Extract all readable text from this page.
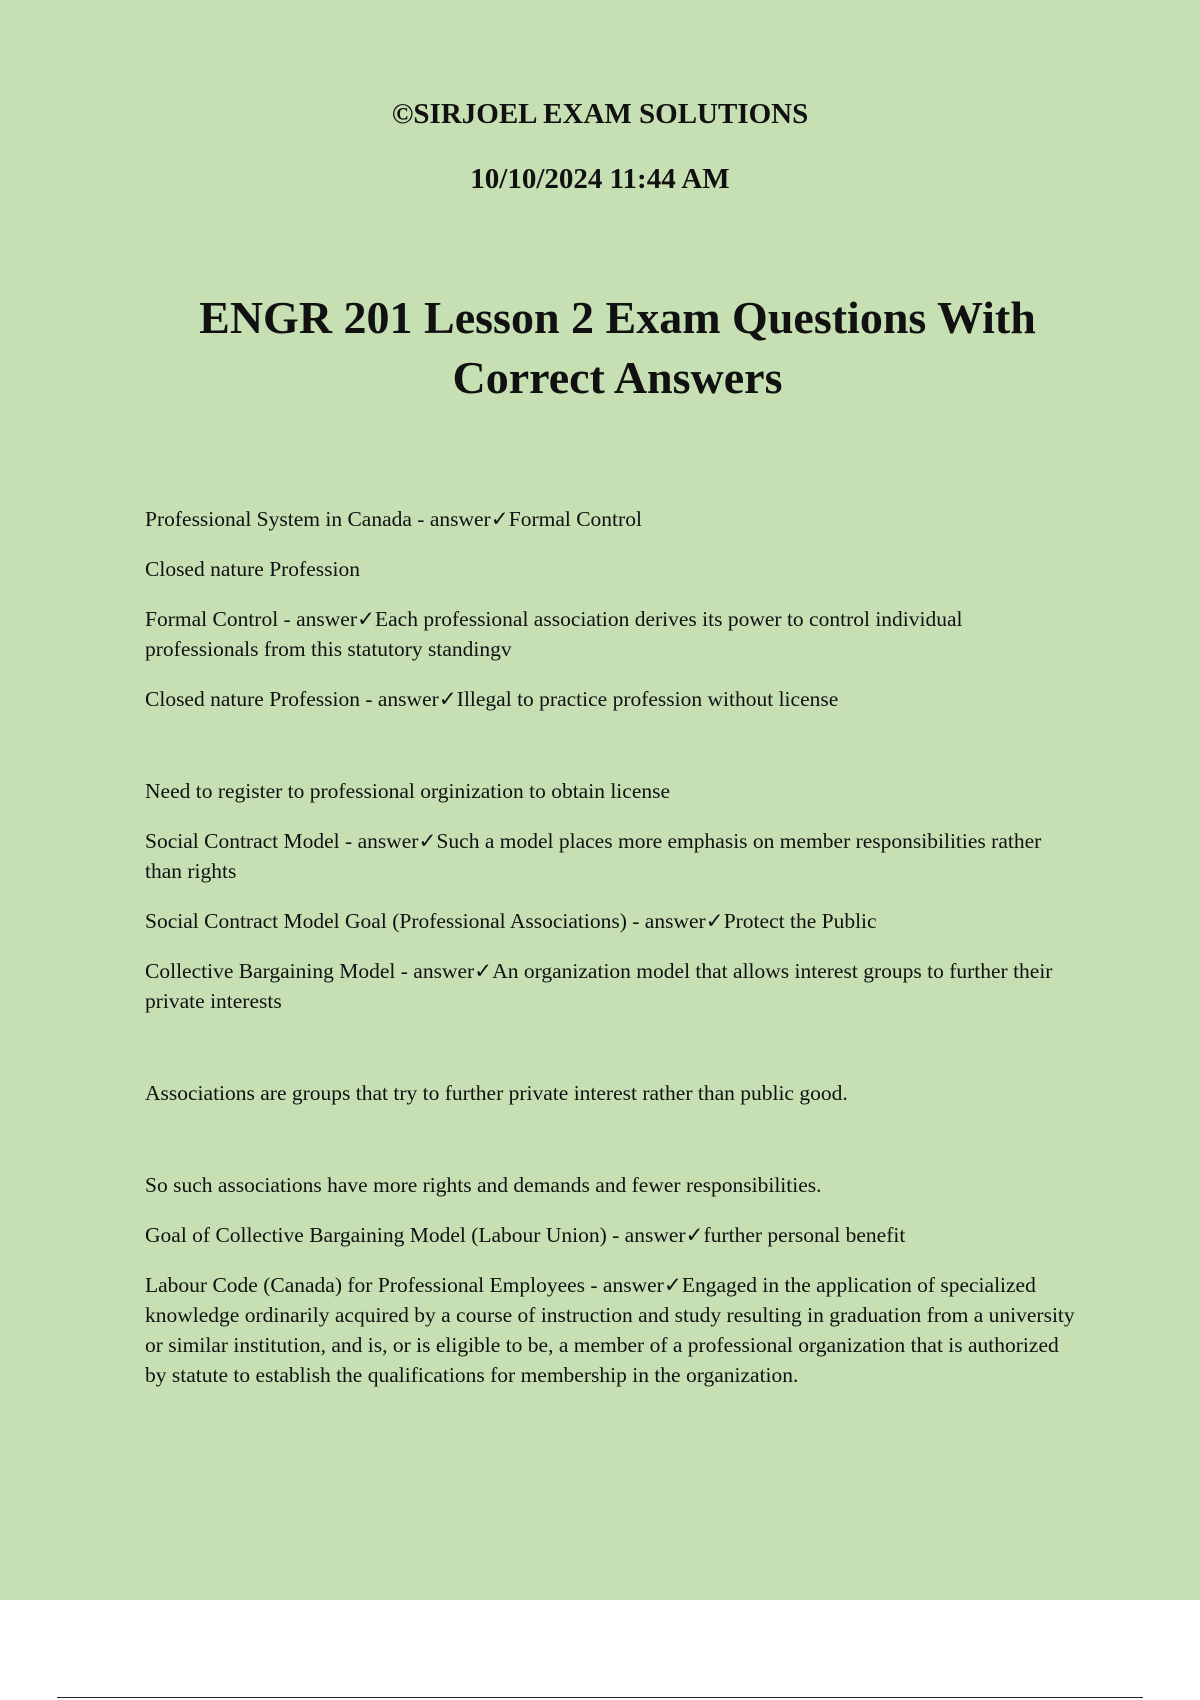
©SIRJOEL EXAM SOLUTIONS
10/10/2024 11:44 AM
ENGR 201 Lesson 2 Exam Questions With Correct Answers

Professional System in Canada - answer✓Formal Control

Closed nature Profession

Formal Control - answer✓Each professional association derives its power to control individual professionals from this statutory standingv

Closed nature Profession - answer✓Illegal to practice profession without license

Need to register to professional orginization to obtain license

Social Contract Model - answer✓Such a model places more emphasis on member responsibilities rather than rights

Social Contract Model Goal (Professional Associations) - answer✓Protect the Public

Collective Bargaining Model - answer✓An organization model that allows interest groups to further their private interests

Associations are groups that try to further private interest rather than public good.

So such associations have more rights and demands and fewer responsibilities.

Goal of Collective Bargaining Model (Labour Union) - answer✓further personal benefit

Labour Code (Canada) for Professional Employees - answer✓Engaged in the application of specialized knowledge ordinarily acquired by a course of instruction and study resulting in graduation from a university or similar institution, and is, or is eligible to be, a member of a professional organization that is authorized by statute to establish the qualifications for membership in the organization.
